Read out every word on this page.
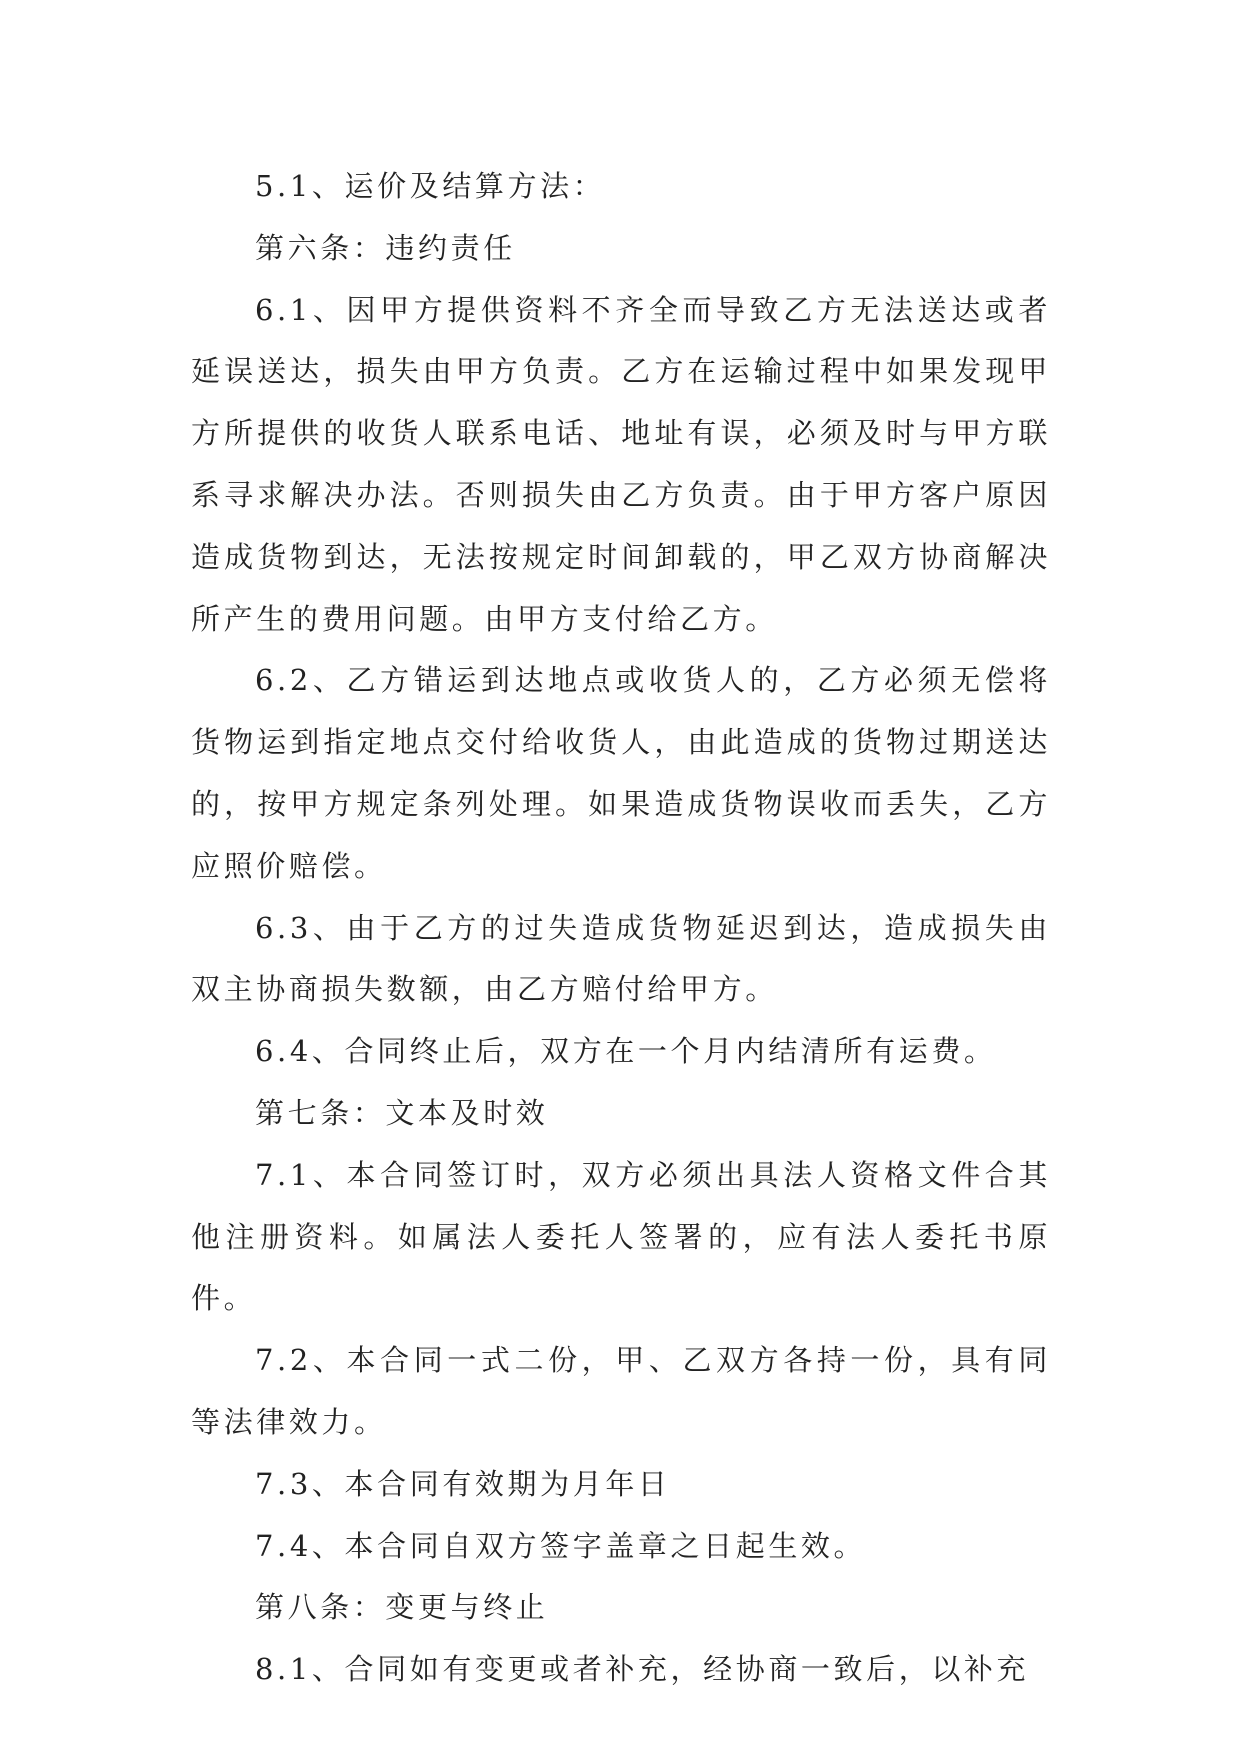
5.1、运价及结算方法：

第六条：违约责任

6.1、因甲方提供资料不齐全而导致乙方无法送达或者延误送达，损失由甲方负责。乙方在运输过程中如果发现甲方所提供的收货人联系电话、地址有误，必须及时与甲方联系寻求解决办法。否则损失由乙方负责。由于甲方客户原因造成货物到达，无法按规定时间卸载的，甲乙双方协商解决所产生的费用问题。由甲方支付给乙方。

6.2、乙方错运到达地点或收货人的，乙方必须无偿将货物运到指定地点交付给收货人，由此造成的货物过期送达的，按甲方规定条列处理。如果造成货物误收而丢失，乙方应照价赔偿。

6.3、由于乙方的过失造成货物延迟到达，造成损失由双主协商损失数额，由乙方赔付给甲方。

6.4、合同终止后，双方在一个月内结清所有运费。

第七条：文本及时效

7.1、本合同签订时，双方必须出具法人资格文件合其他注册资料。如属法人委托人签署的，应有法人委托书原件。

7.2、本合同一式二份，甲、乙双方各持一份，具有同等法律效力。

7.3、本合同有效期为月年日

7.4、本合同自双方签字盖章之日起生效。

第八条：变更与终止

8.1、合同如有变更或者补充，经协商一致后，以补充
